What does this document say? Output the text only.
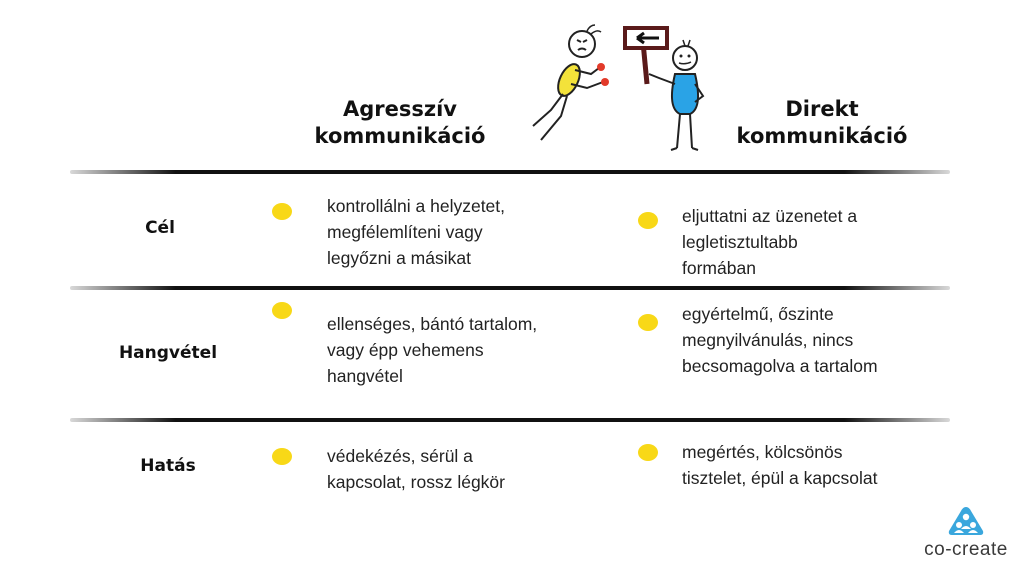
Agresszív
kommunikáció
Direkt
kommunikáció
Cél
kontrollálni a helyzetet,
megfélemlíteni vagy
legyőzni a másikat
eljuttatni az üzenetet a
legletisztultabb
formában
Hangvétel
ellenséges, bántó tartalom,
vagy épp vehemens
hangvétel
egyértelmű, őszinte
megnyilvánulás, nincs
becsomagolva a tartalom
Hatás	védekézés, sérül a
kapcsolat, rossz légkör
megértés, kölcsönös
tisztelet, épül a kapcsolat
co-create
